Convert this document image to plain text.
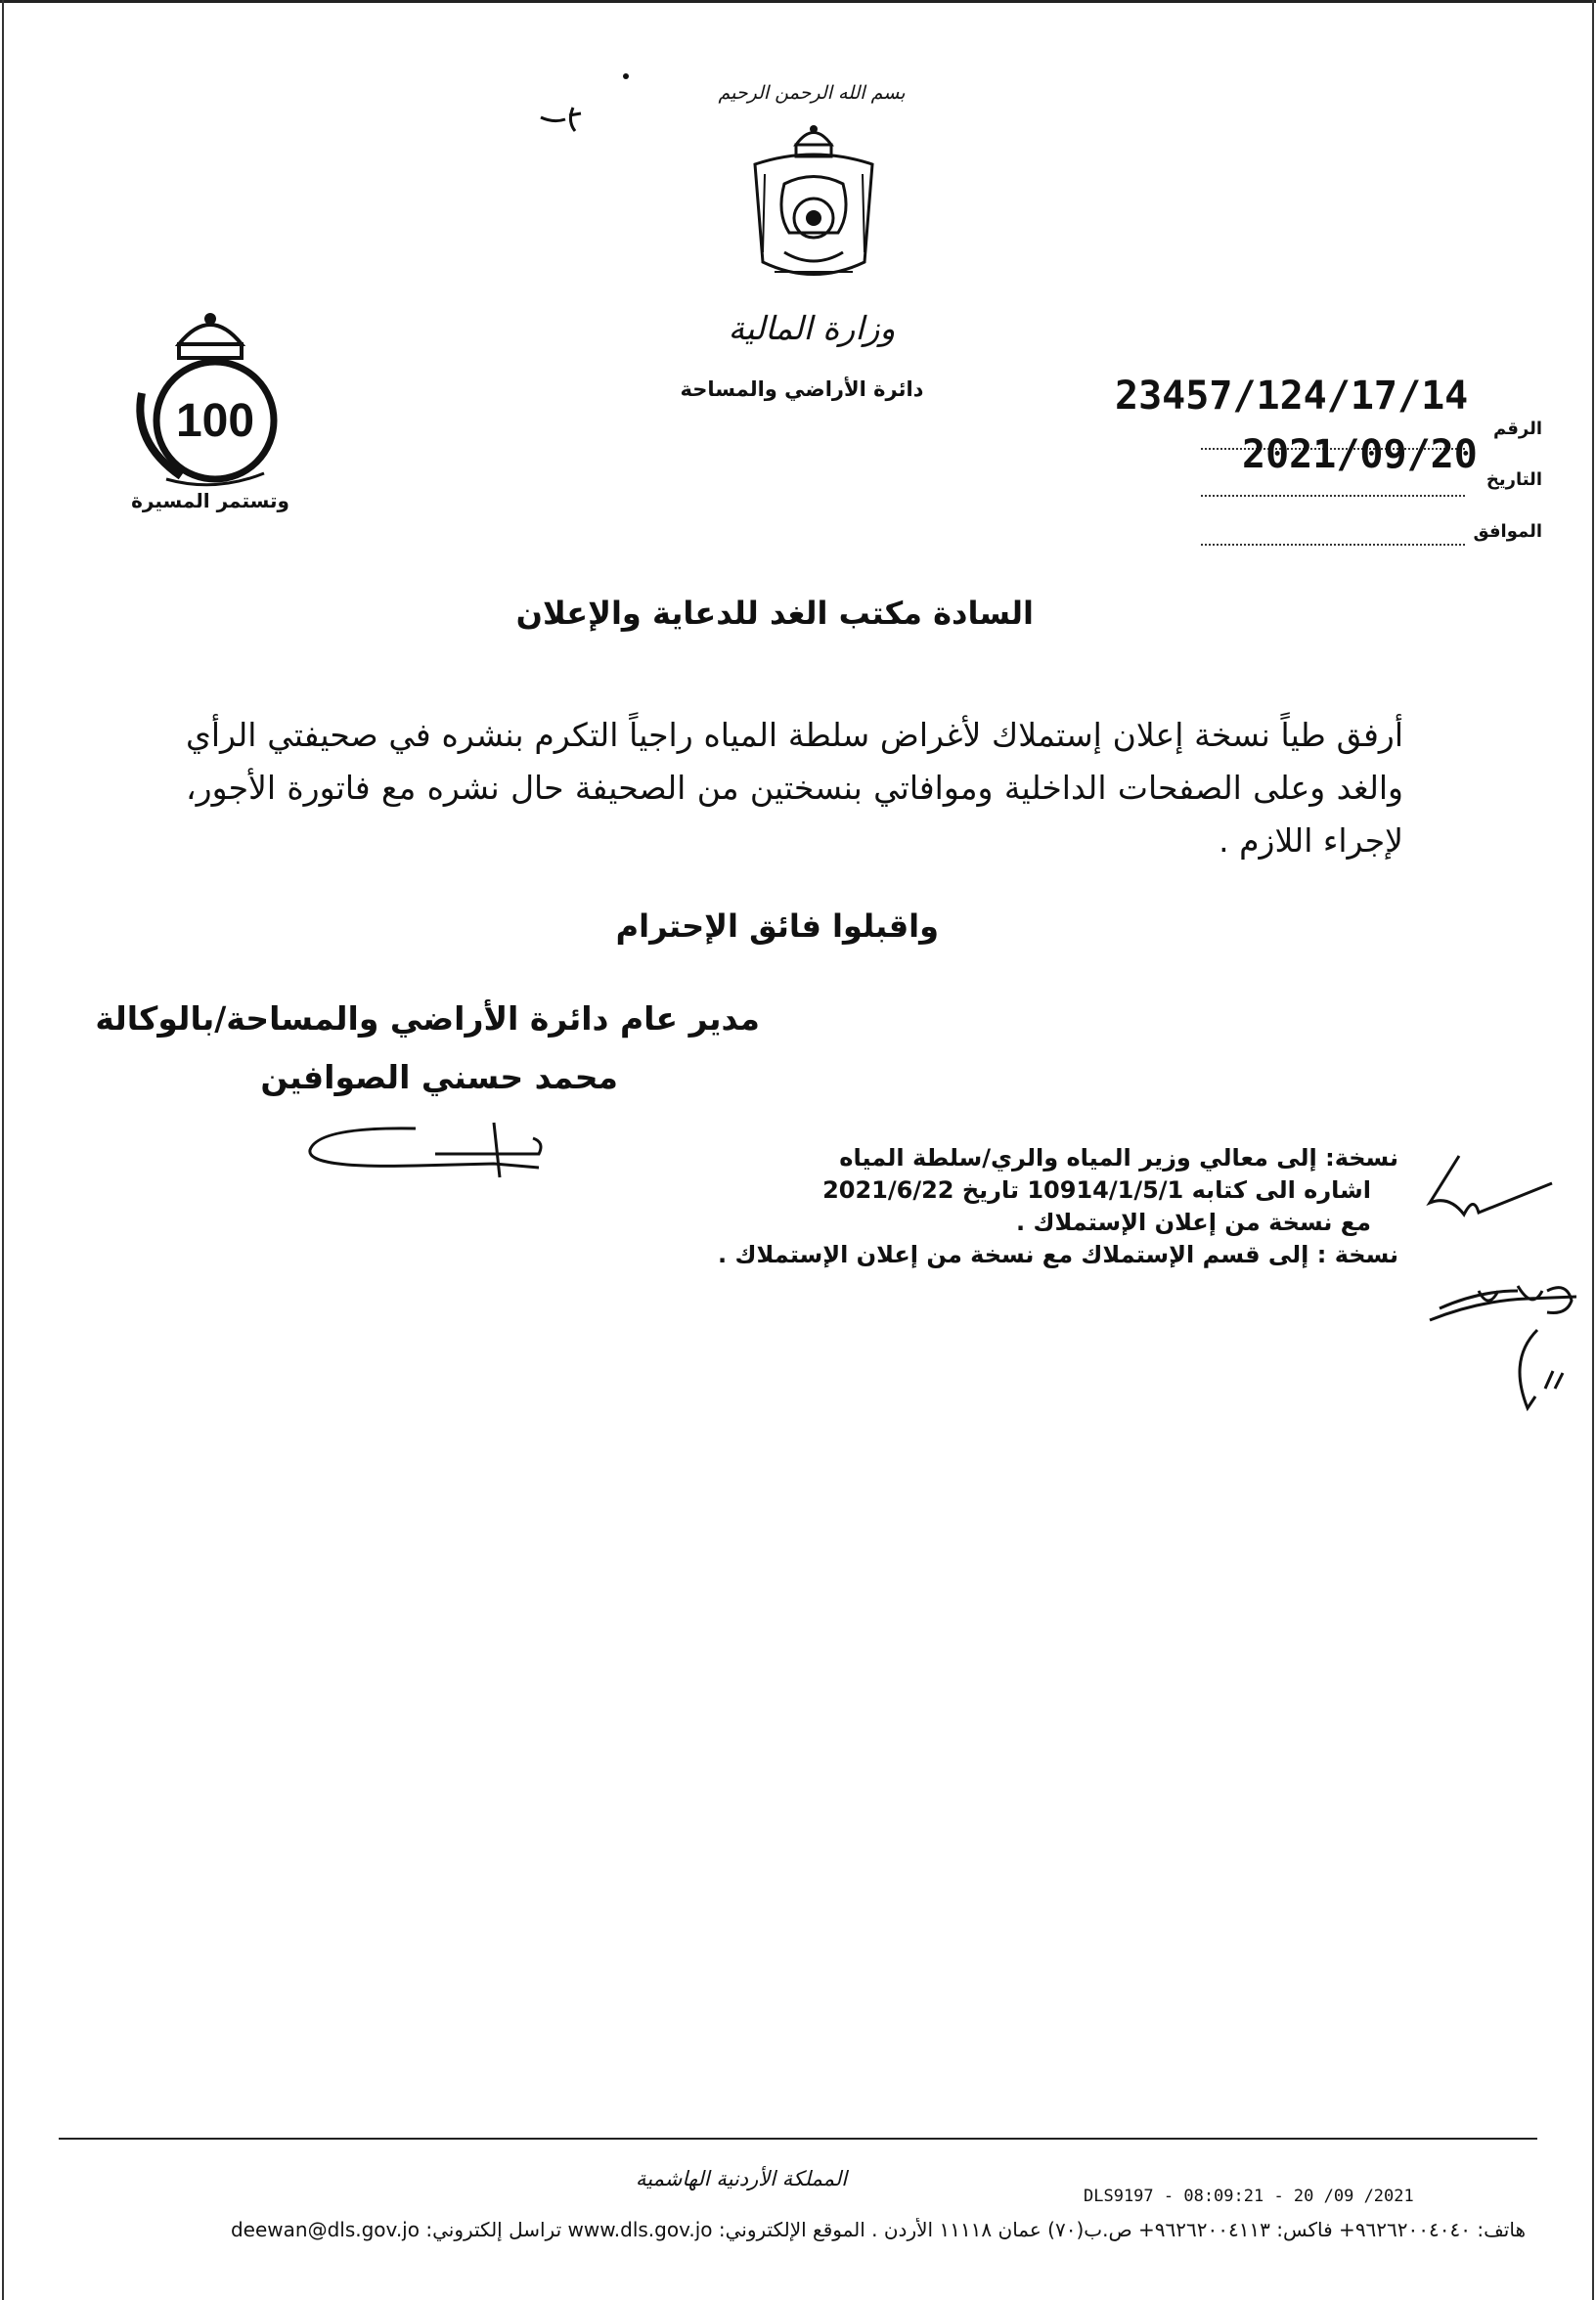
بسم الله الرحمن الرحيم
وزارة المالية
دائرة الأراضي والمساحة
100
وتستمر المسيرة
23457/124/17/14
الرقم
2021/09/20
التاريخ
الموافق
السادة مكتب الغد للدعاية والإعلان
أرفق طياً نسخة إعلان إستملاك لأغراض سلطة المياه راجياً التكرم بنشره في صحيفتي الرأي والغد وعلى الصفحات الداخلية وموافاتي بنسختين من الصحيفة حال نشره مع فاتورة الأجور، لإجراء اللازم .
واقبلوا فائق الإحترام
مدير عام دائرة الأراضي والمساحة/بالوكالة
محمد حسني الصوافين
نسخة: إلى معالي وزير المياه والري/سلطة المياه
اشاره الى كتابه 10914/1/5/1 تاريخ 2021/6/22
مع نسخة من إعلان الإستملاك .
نسخة : إلى قسم الإستملاك مع نسخة من إعلان الإستملاك .
المملكة الأردنية الهاشمية
DLS9197 - 08:09:21 - 20 /09 /2021
هاتف: ٩٦٢٦٢٠٠٤٠٤٠+ فاكس: ٩٦٢٦٢٠٠٤١١٣+ ص.ب(٧٠) عمان ١١١١٨ الأردن . الموقع الإلكتروني: www.dls.gov.jo تراسل إلكتروني: deewan@dls.gov.jo
